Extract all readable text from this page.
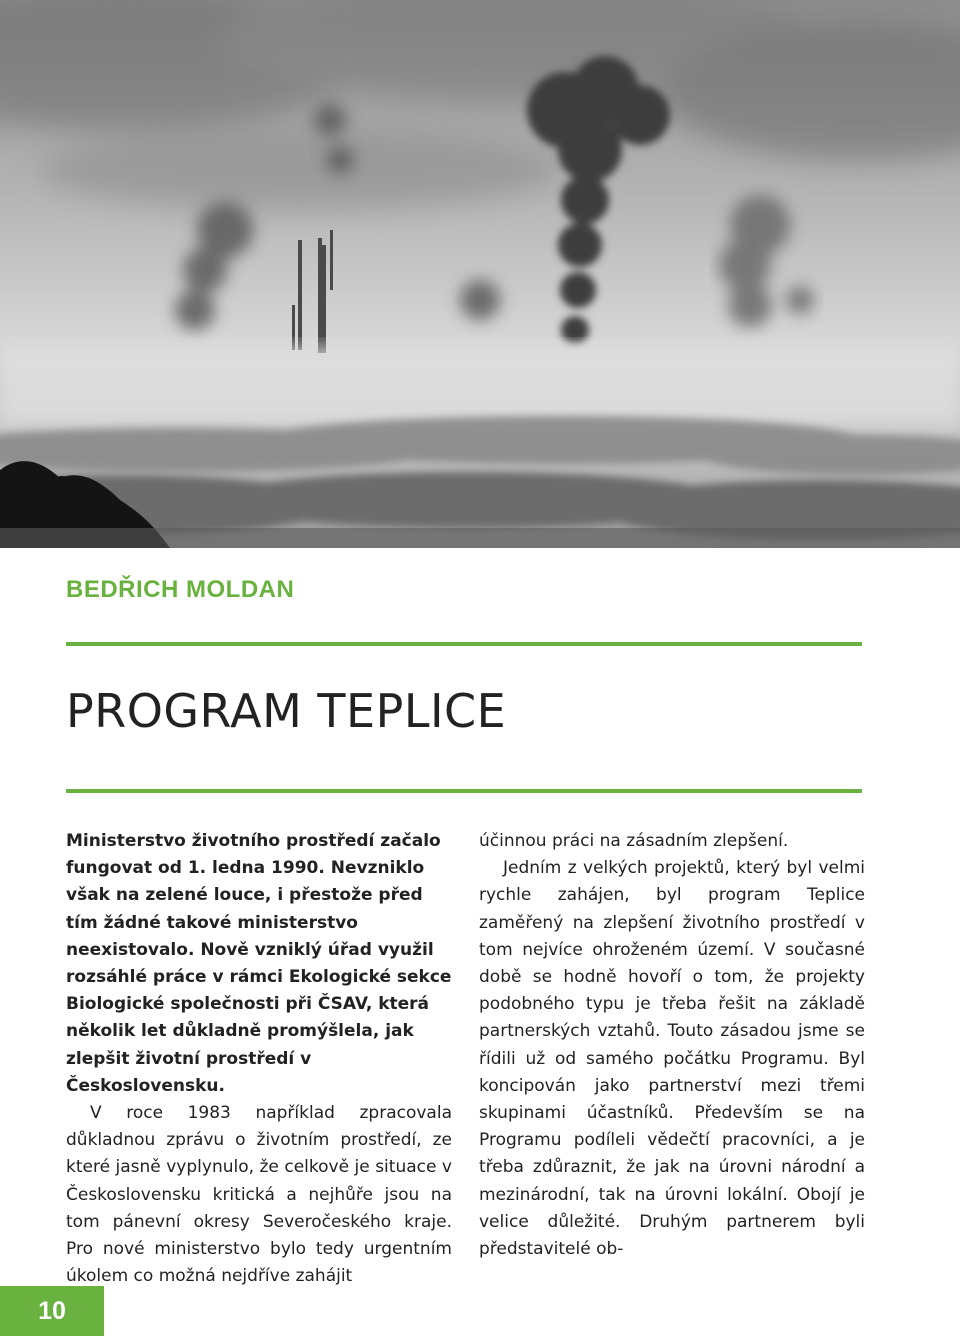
BEDŘICH MOLDAN
PROGRAM TEPLICE

Ministerstvo životního prostředí začalo fungovat od 1. ledna 1990. Nevzniklo však na zelené louce, i přestože před tím žádné takové ministerstvo neexistovalo. Nově vzniklý úřad využil rozsáhlé práce v rámci Ekologické sekce Biologické společnosti při ČSAV, která několik let důkladně promýšlela, jak zlepšit životní prostředí v Československu.

V roce 1983 například zpracovala důkladnou zprávu o životním prostředí, ze které jasně vyplynulo, že celkově je situace v Československu kritická a nejhůře jsou na tom pánevní okresy Severočeského kraje. Pro nové ministerstvo bylo tedy urgentním úkolem co možná nejdříve zahájit

účinnou práci na zásadním zlepšení.

Jedním z velkých projektů, který byl velmi rychle zahájen, byl program Teplice zaměřený na zlepšení životního prostředí v tom nejvíce ohroženém území. V současné době se hodně hovoří o tom, že projekty podobného typu je třeba řešit na základě partnerských vztahů. Touto zásadou jsme se řídili už od samého počátku Programu. Byl koncipován jako partnerství mezi třemi skupinami účastníků. Především se na Programu podíleli vědečtí pracovníci, a je třeba zdůraznit, že jak na úrovni národní a mezinárodní, tak na úrovni lokální. Obojí je velice důležité. Druhým partnerem byli představitelé ob-

10
